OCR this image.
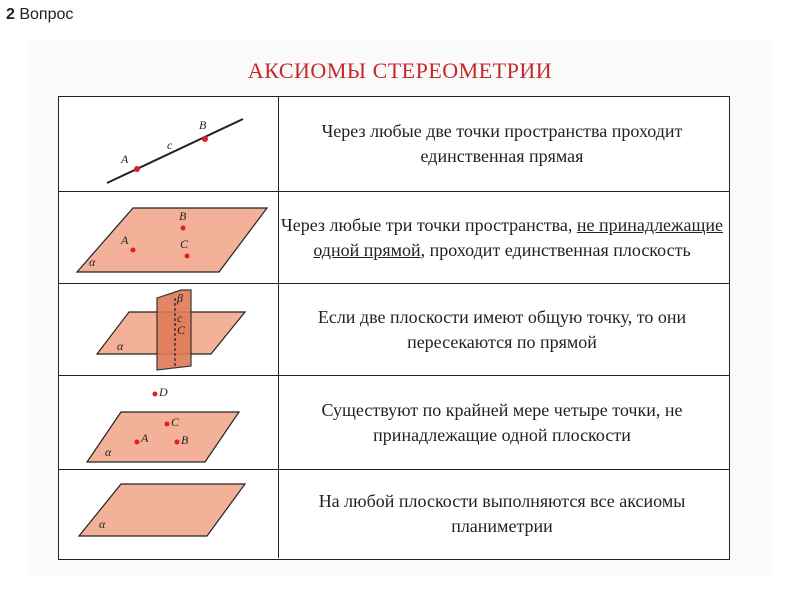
2 Вопрос
АКСИОМЫ СТЕРЕОМЕТРИИ
A
B
c
Через любые две точки пространства проходит единственная прямая
A
B
C
α
Через любые три точки пространства, не принадлежащие одной прямой, проходит единственная плоскость
β
c
C
α
Если две плоскости имеют общую точку, то они пересекаются по прямой
D
C
A	B
α
Существуют по крайней мере четыре точки, не принадлежащие одной плоскости
α
На любой плоскости выполняются все аксиомы планиметрии
